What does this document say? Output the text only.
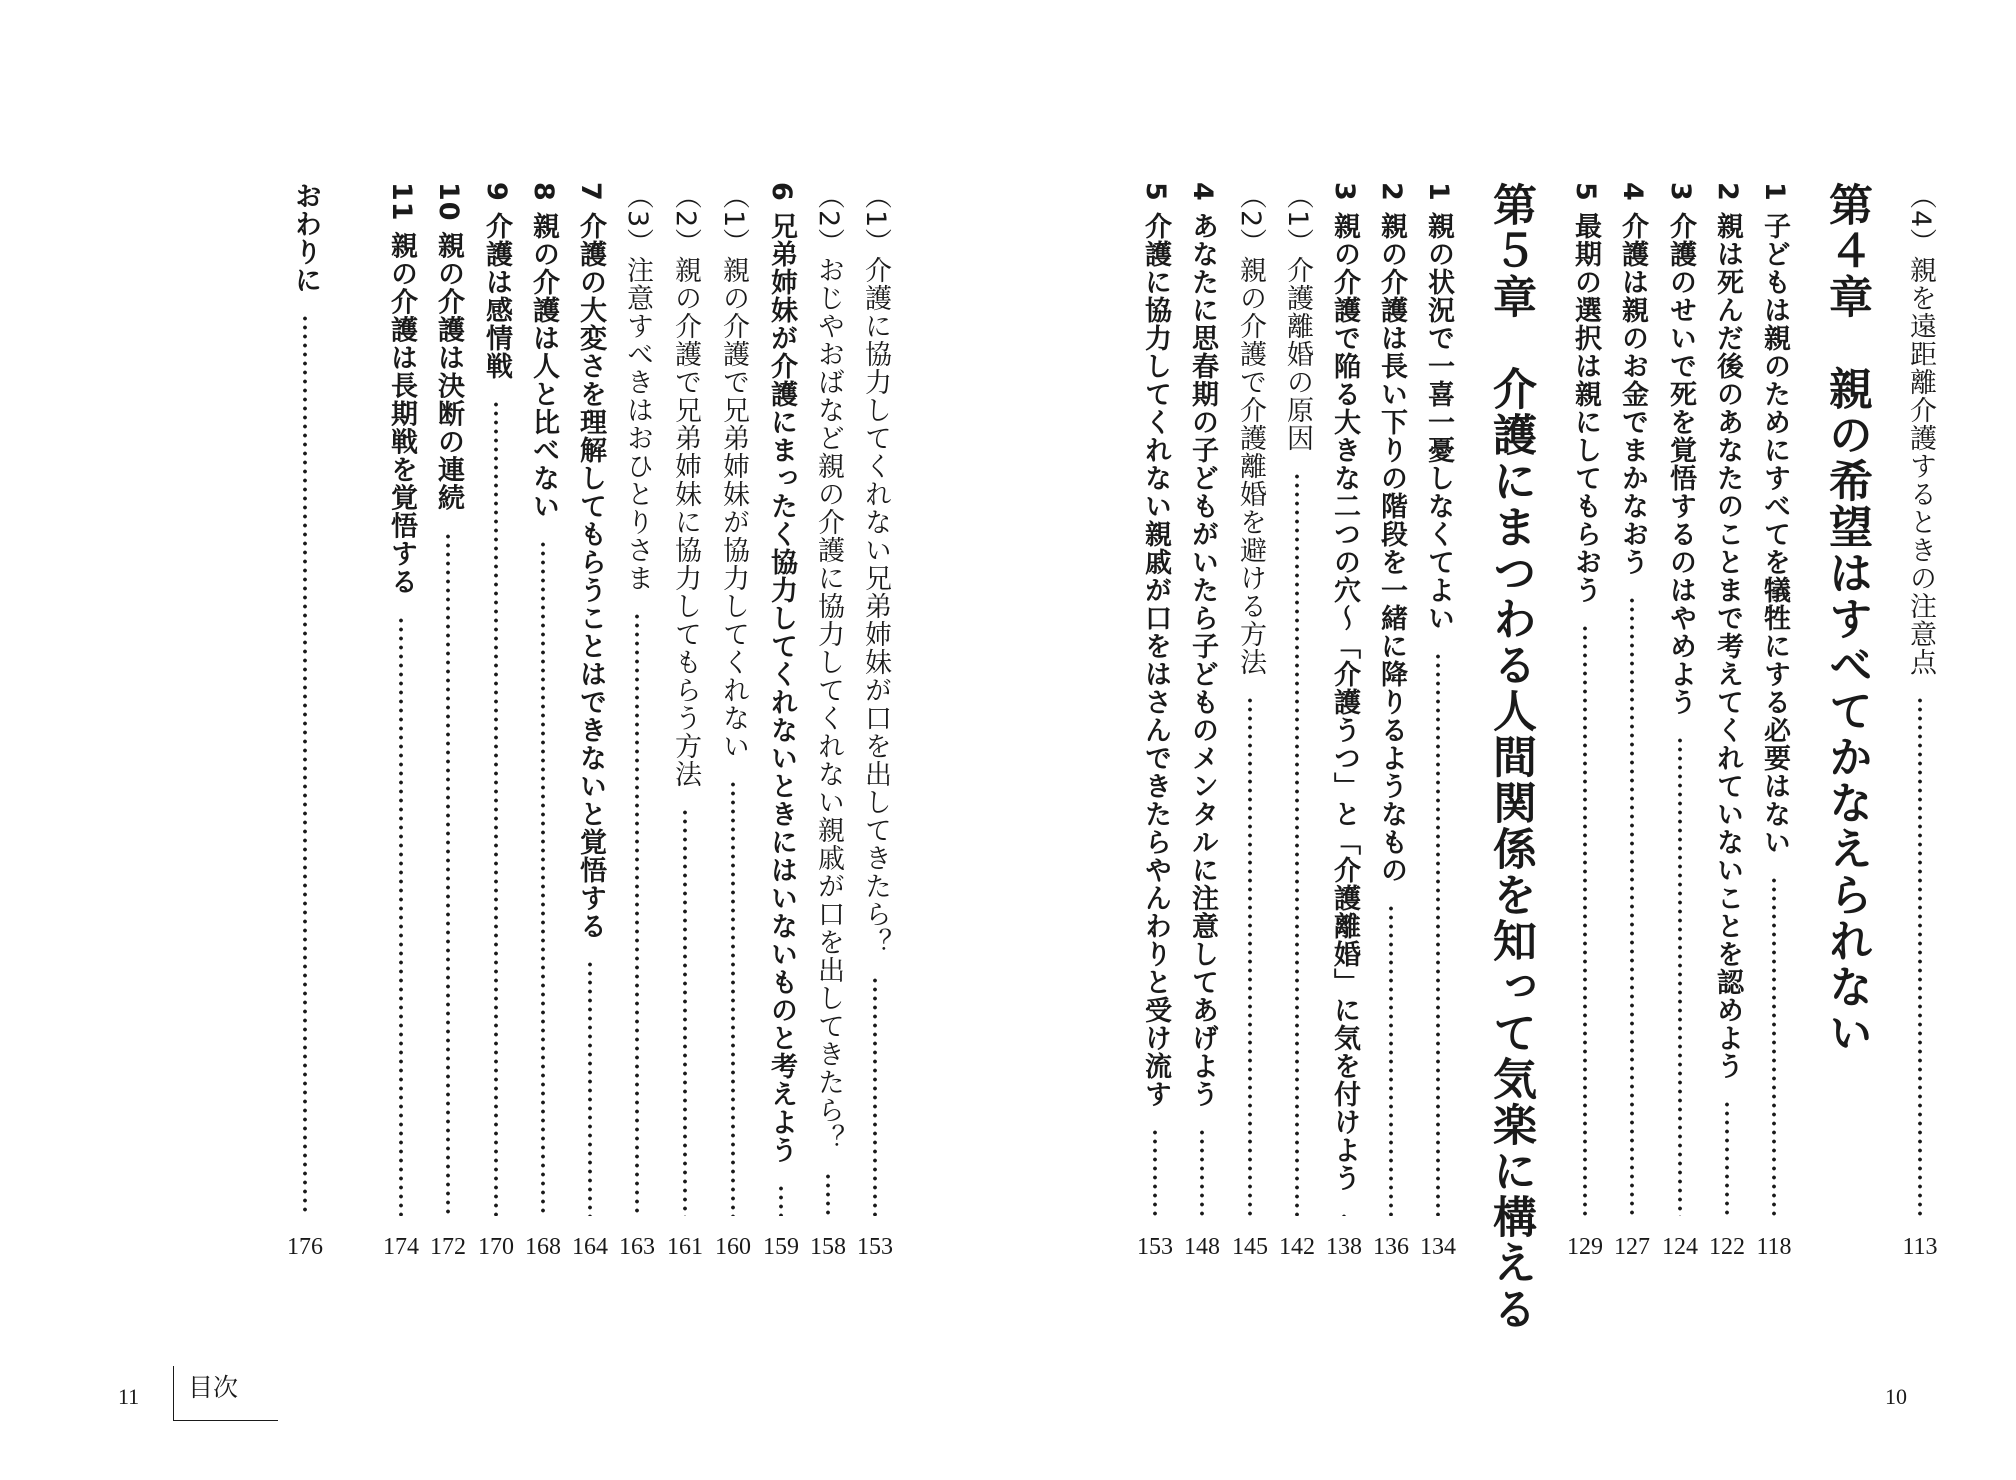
（4）親を遠距離介護するときの注意点
113
第４章　親の希望はすべてかなえられない
1 子どもは親のためにすべてを犠牲にする必要はない
118
2 親は死んだ後のあなたのことまで考えてくれていないことを認めよう
122
3 介護のせいで死を覚悟するのはやめよう
124
4 介護は親のお金でまかなおう
127
5 最期の選択は親にしてもらおう
129
第５章　介護にまつわる人間関係を知って気楽に構える
1 親の状況で一喜一憂しなくてよい
134
2 親の介護は長い下りの階段を一緒に降りるようなもの
136
3 親の介護で陥る大きな二つの穴〜「介護うつ」と「介護離婚」に気を付けよう
138
（1）介護離婚の原因
142
（2）親の介護で介護離婚を避ける方法
145
4 あなたに思春期の子どもがいたら子どものメンタルに注意してあげよう
148
5 介護に協力してくれない親戚が口をはさんできたらやんわりと受け流す
153
10
（1）介護に協力してくれない兄弟姉妹が口を出してきたら？
153
（2）おじやおばなど親の介護に協力してくれない親戚が口を出してきたら？
158
6 兄弟姉妹が介護にまったく協力してくれないときにはいないものと考えよう
159
（1）親の介護で兄弟姉妹が協力してくれない
160
（2）親の介護で兄弟姉妹に協力してもらう方法
161
（3）注意すべきはおひとりさま
163
7 介護の大変さを理解してもらうことはできないと覚悟する
164
8 親の介護は人と比べない
168
9 介護は感情戦
170
10 親の介護は決断の連続
172
11 親の介護は長期戦を覚悟する
174
おわりに
176
11 目次
